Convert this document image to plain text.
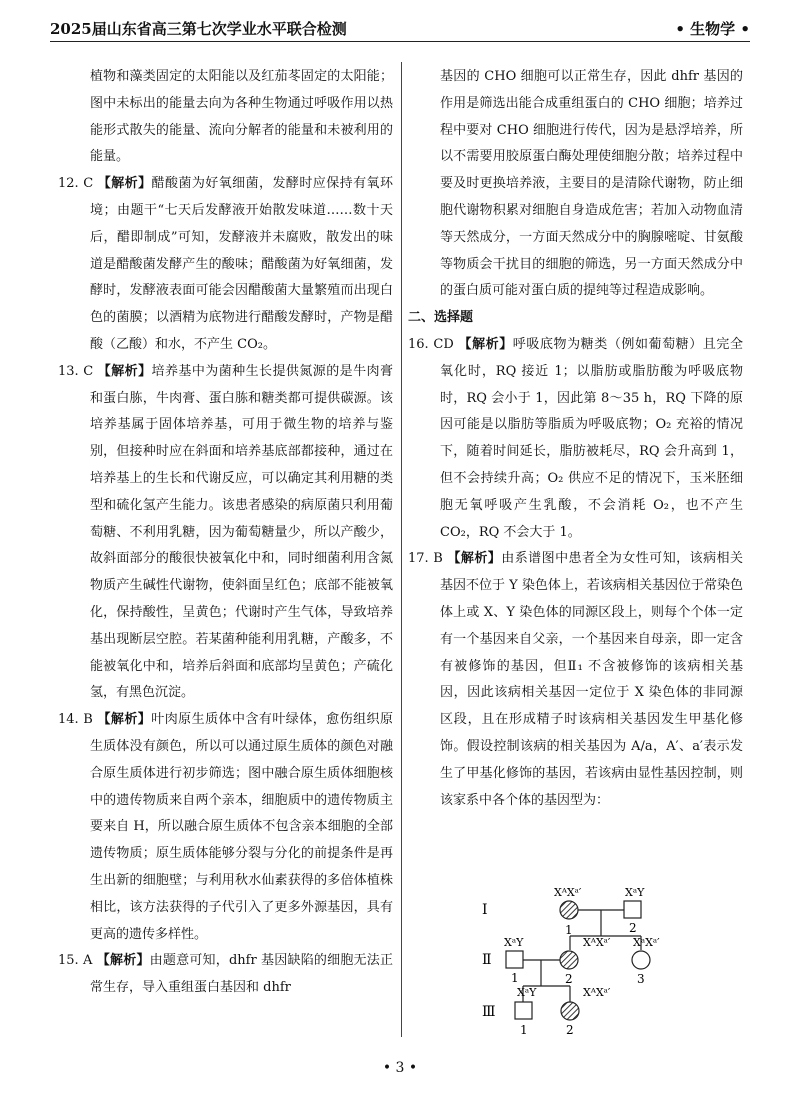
2025届山东省高三第七次学业水平联合检测	• 生物学 •

植物和藻类固定的太阳能以及红茄苳固定的太阳能；图中未标出的能量去向为各种生物通过呼吸作用以热能形式散失的能量、流向分解者的能量和未被利用的能量。

12. C 【解析】醋酸菌为好氧细菌，发酵时应保持有氧环境；由题干“七天后发酵液开始散发味道……数十天后，醋即制成”可知，发酵液并未腐败，散发出的味道是醋酸菌发酵产生的酸味；醋酸菌为好氧细菌，发酵时，发酵液表面可能会因醋酸菌大量繁殖而出现白色的菌膜；以酒精为底物进行醋酸发酵时，产物是醋酸（乙酸）和水，不产生 CO₂。

13. C 【解析】培养基中为菌种生长提供氮源的是牛肉膏和蛋白胨，牛肉膏、蛋白胨和糖类都可提供碳源。该培养基属于固体培养基，可用于微生物的培养与鉴别，但接种时应在斜面和培养基底部都接种，通过在培养基上的生长和代谢反应，可以确定其利用糖的类型和硫化氢产生能力。该患者感染的病原菌只利用葡萄糖、不利用乳糖，因为葡萄糖量少，所以产酸少，故斜面部分的酸很快被氧化中和，同时细菌利用含氮物质产生碱性代谢物，使斜面呈红色；底部不能被氧化，保持酸性，呈黄色；代谢时产生气体，导致培养基出现断层空腔。若某菌种能利用乳糖，产酸多，不能被氧化中和，培养后斜面和底部均呈黄色；产硫化氢，有黑色沉淀。

14. B 【解析】叶肉原生质体中含有叶绿体，愈伤组织原生质体没有颜色，所以可以通过原生质体的颜色对融合原生质体进行初步筛选；图中融合原生质体细胞核中的遗传物质来自两个亲本，细胞质中的遗传物质主要来自 H，所以融合原生质体不包含亲本细胞的全部遗传物质；原生质体能够分裂与分化的前提条件是再生出新的细胞壁；与利用秋水仙素获得的多倍体植株相比，该方法获得的子代引入了更多外源基因，具有更高的遗传多样性。

15. A 【解析】由题意可知，dhfr 基因缺陷的细胞无法正常生存，导入重组蛋白基因和 dhfr

基因的 CHO 细胞可以正常生存，因此 dhfr 基因的作用是筛选出能合成重组蛋白的 CHO 细胞；培养过程中要对 CHO 细胞进行传代，因为是悬浮培养，所以不需要用胶原蛋白酶处理使细胞分散；培养过程中要及时更换培养液，主要目的是清除代谢物，防止细胞代谢物积累对细胞自身造成危害；若加入动物血清等天然成分，一方面天然成分中的胸腺嘧啶、甘氨酸等物质会干扰目的细胞的筛选，另一方面天然成分中的蛋白质可能对蛋白质的提纯等过程造成影响。

二、选择题

16. CD 【解析】呼吸底物为糖类（例如葡萄糖）且完全氧化时，RQ 接近 1；以脂肪或脂肪酸为呼吸底物时，RQ 会小于 1，因此第 8～35 h，RQ 下降的原因可能是以脂肪等脂质为呼吸底物；O₂ 充裕的情况下，随着时间延长，脂肪被耗尽，RQ 会升高到 1，但不会持续升高；O₂ 供应不足的情况下，玉米胚细胞无氧呼吸产生乳酸，不会消耗 O₂，也不产生 CO₂，RQ 不会大于 1。

17. B 【解析】由系谱图中患者全为女性可知，该病相关基因不位于 Y 染色体上，若该病相关基因位于常染色体上或 X、Y 染色体的同源区段上，则每个个体一定有一个基因来自父亲，一个基因来自母亲，即一定含有被修饰的基因，但Ⅱ₁ 不含被修饰的该病相关基因，因此该病相关基因一定位于 X 染色体的非同源区段，且在形成精子时该病相关基因发生甲基化修饰。假设控制该病的相关基因为 A/a，A′、a′表示发生了甲基化修饰的基因，若该病由显性基因控制，则该家系中各个体的基因型为：

Ⅰ
Ⅱ
Ⅲ
XᴬXᵃ′	XᵃY
XᵃY	XᴬXᵃ′ XᵃXᵃ′
XᵃY	XᴬXᵃ′
1	2
1	2	3
1	2
• 3 •
